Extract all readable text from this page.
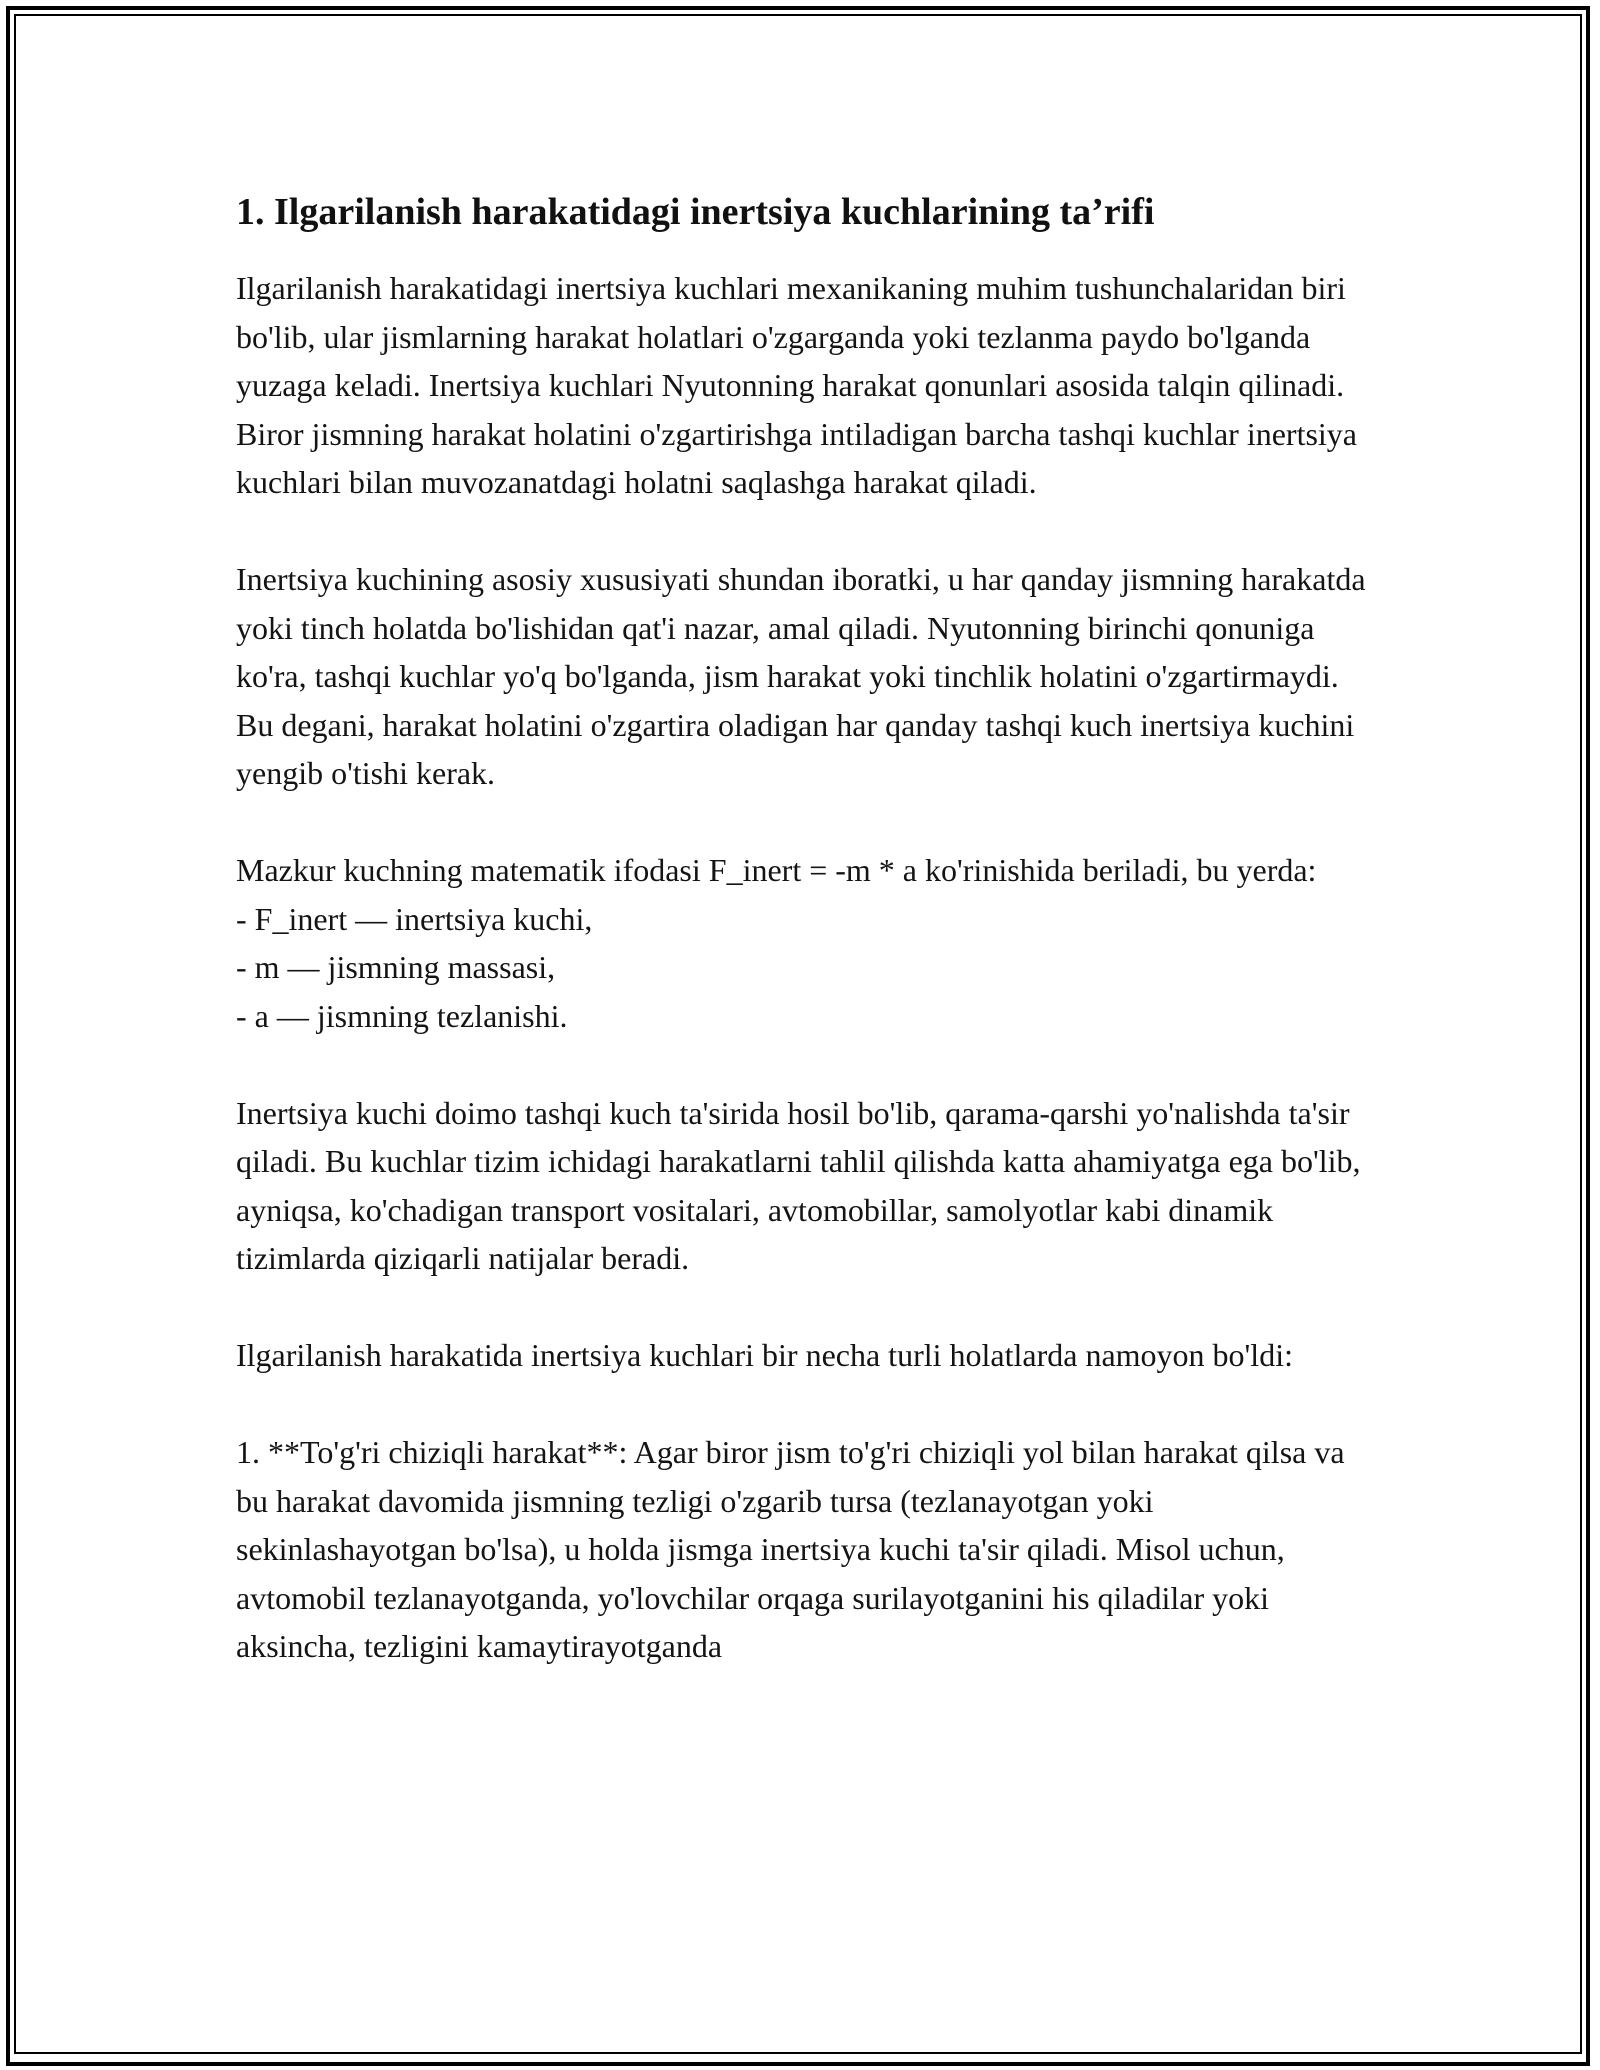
1. Ilgarilanish harakatidagi inertsiya kuchlarining ta’rifi

Ilgarilanish harakatidagi inertsiya kuchlari mexanikaning muhim tushunchalaridan biri bo'lib, ular jismlarning harakat holatlari o'zgarganda yoki tezlanma paydo bo'lganda yuzaga keladi. Inertsiya kuchlari Nyutonning harakat qonunlari asosida talqin qilinadi. Biror jismning harakat holatini o'zgartirishga intiladigan barcha tashqi kuchlar inertsiya kuchlari bilan muvozanatdagi holatni saqlashga harakat qiladi.

Inertsiya kuchining asosiy xususiyati shundan iboratki, u har qanday jismning harakatda yoki tinch holatda bo'lishidan qat'i nazar, amal qiladi. Nyutonning birinchi qonuniga ko'ra, tashqi kuchlar yo'q bo'lganda, jism harakat yoki tinchlik holatini o'zgartirmaydi. Bu degani, harakat holatini o'zgartira oladigan har qanday tashqi kuch inertsiya kuchini yengib o'tishi kerak.

Mazkur kuchning matematik ifodasi F_inert = -m * a ko'rinishida beriladi, bu yerda:
- F_inert — inertsiya kuchi,
- m — jismning massasi,
- a — jismning tezlanishi.

Inertsiya kuchi doimo tashqi kuch ta'sirida hosil bo'lib, qarama-qarshi yo'nalishda ta'sir qiladi. Bu kuchlar tizim ichidagi harakatlarni tahlil qilishda katta ahamiyatga ega bo'lib, ayniqsa, ko'chadigan transport vositalari, avtomobillar, samolyotlar kabi dinamik tizimlarda qiziqarli natijalar beradi.

Ilgarilanish harakatida inertsiya kuchlari bir necha turli holatlarda namoyon bo'ldi:

1. **To'g'ri chiziqli harakat**: Agar biror jism to'g'ri chiziqli yol bilan harakat qilsa va bu harakat davomida jismning tezligi o'zgarib tursa (tezlanayotgan yoki sekinlashayotgan bo'lsa), u holda jismga inertsiya kuchi ta'sir qiladi. Misol uchun, avtomobil tezlanayotganda, yo'lovchilar orqaga surilayotganini his qiladilar yoki aksincha, tezligini kamaytirayotganda
